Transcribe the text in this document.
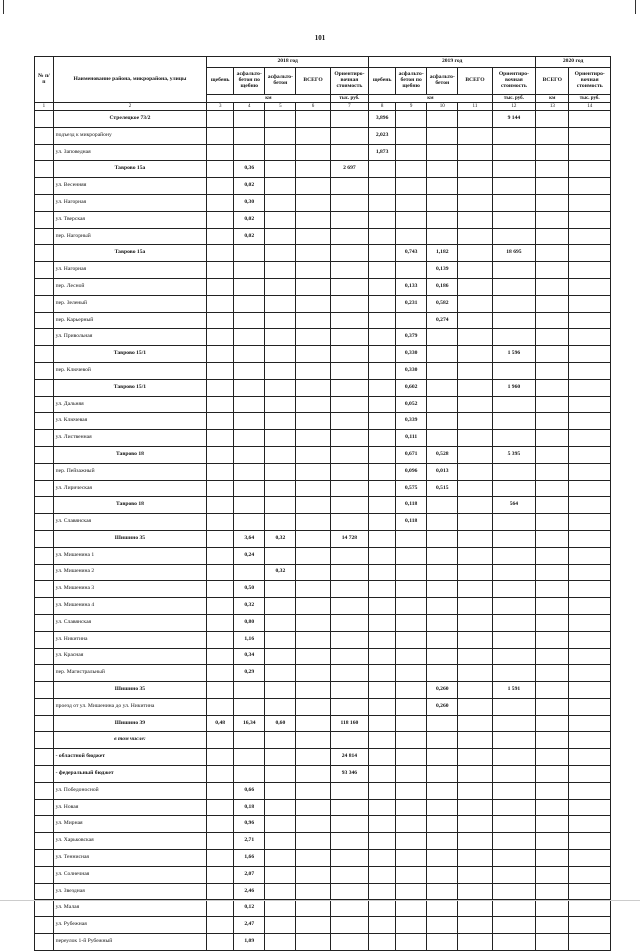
101
№ п/п	Наименование района, микрорайона, улицы	2018 год					2019 год					2020 год	
		щебень	асфальто-бетон по щебню	асфальто-бетон	ВСЕГО	Ориентиро-вочная стоимость	щебень	асфальто-бетон по щебню	асфальто-бетон	ВСЕГО	Ориентиро-вочная стоимость	ВСЕГО	Ориентиро-вочная стоимость
		км				тыс. руб.	км				тыс. руб.	км	тыс. руб.
1	2	3	4	5	6	7	8	9	10	11	12	13	14
	Стрелецкое 73/2						3,896				9 144		
	подъезд к микрорайону						2,023						
	ул. Заповедная						1,873						
	Таврово 15а		0,36			2 697							
	ул. Весенняя		0,02										
	ул. Нагорная		0,30										
	ул. Тверская		0,02										
	пер. Нагорный		0,02										
	Таврово 15а							0,743	1,182		18 695		
	ул. Нагорная								0,139				
	пер. Лесной							0,133	0,186				
	пер. Зеленый							0,231	0,582				
	пер. Карьерный								0,274				
	ул. Привольная							0,379					
	Таврово 15/1							0,330			1 596		
	пер. Ключевой							0,330					
	Таврово 15/1							0,602			1 960		
	ул. Дальняя							0,052					
	ул. Ключевая							0,339					
	ул. Лиственная							0,111					
	Таврово 18							0,671	0,528		5 395		
	пер. Пейзажный							0,096	0,013				
	ул. Лирическая							0,575	0,515				
	Таврово 18							0,118			564		
	ул. Славянская							0,118					
	Шишино 35		3,64	0,32		14 728							
	ул. Мишенина 1		0,24										
	ул. Мишенина 2			0,32									
	ул. Мишенина 3		0,50										
	ул. Мишенина 4		0,32										
	ул. Славянская		0,80										
	ул. Никитина		1,16										
	ул. Красная		0,34										
	пер. Магистральный		0,29										
	Шишино 35								0,260		1 591		
	проезд от ул. Мишенина до ул. Никитина								0,260				
	Шишино 39	0,48	16,34	0,60		118 160							
	в том числе:												
	- областной бюджет					24 814							
	- федеральный бюджет					93 346							
	ул. Победоносной		0,66										
	ул. Новая		0,18										
	ул. Мирная		0,96										
	ул. Харьковская		2,71										
	ул. Теннисная		1,66										
	ул. Солнечная		2,07										
	ул. Звездная		2,46										
	ул. Малая		0,12										
	ул. Рубежная		2,47										
	переулок 1-й Рубежный		1,09										
